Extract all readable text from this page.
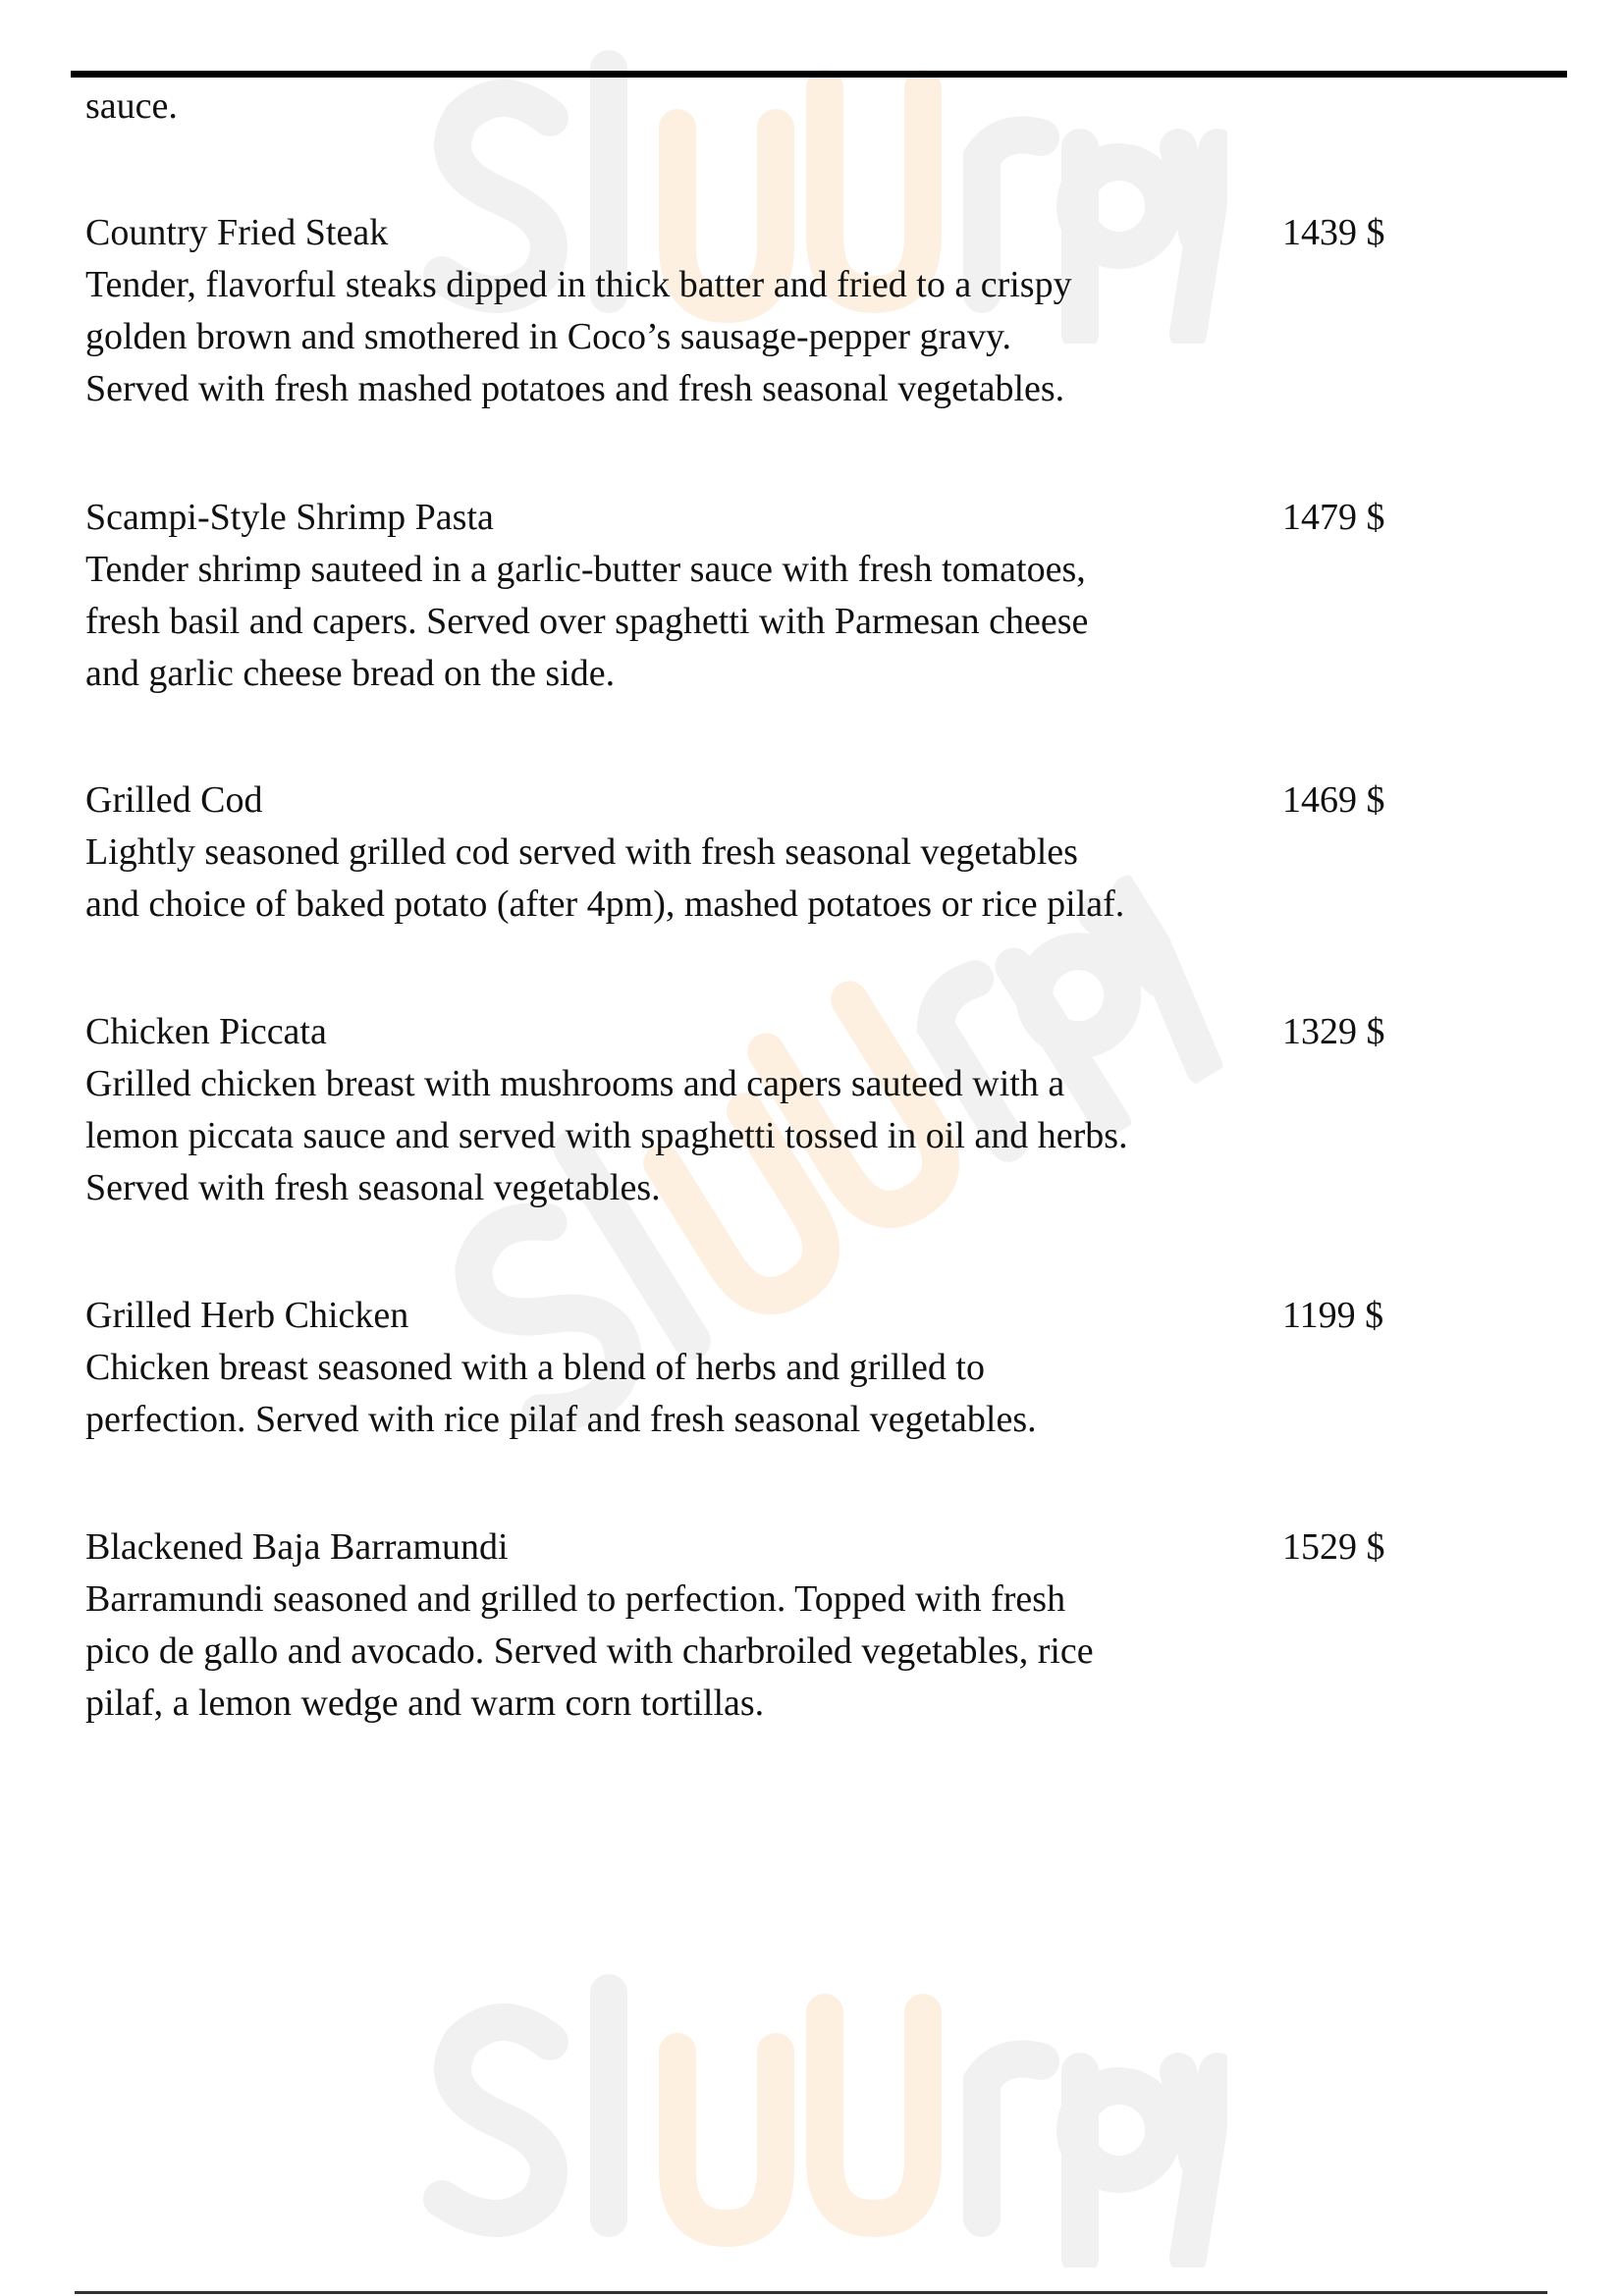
sauce.
Country Fried Steak
Tender, flavorful steaks dipped in thick batter and fried to a crispy
golden brown and smothered in Coco’s sausage-pepper gravy.
Served with fresh mashed potatoes and fresh seasonal vegetables.
1439 $
Scampi-Style Shrimp Pasta
Tender shrimp sauteed in a garlic-butter sauce with fresh tomatoes,
fresh basil and capers. Served over spaghetti with Parmesan cheese
and garlic cheese bread on the side.
1479 $
Grilled Cod
Lightly seasoned grilled cod served with fresh seasonal vegetables
and choice of baked potato (after 4pm), mashed potatoes or rice pilaf.
1469 $
Chicken Piccata
Grilled chicken breast with mushrooms and capers sauteed with a
lemon piccata sauce and served with spaghetti tossed in oil and herbs.
Served with fresh seasonal vegetables.
1329 $
Grilled Herb Chicken
Chicken breast seasoned with a blend of herbs and grilled to
perfection. Served with rice pilaf and fresh seasonal vegetables.
1199 $
Blackened Baja Barramundi
Barramundi seasoned and grilled to perfection. Topped with fresh
pico de gallo and avocado. Served with charbroiled vegetables, rice
pilaf, a lemon wedge and warm corn tortillas.
1529 $
